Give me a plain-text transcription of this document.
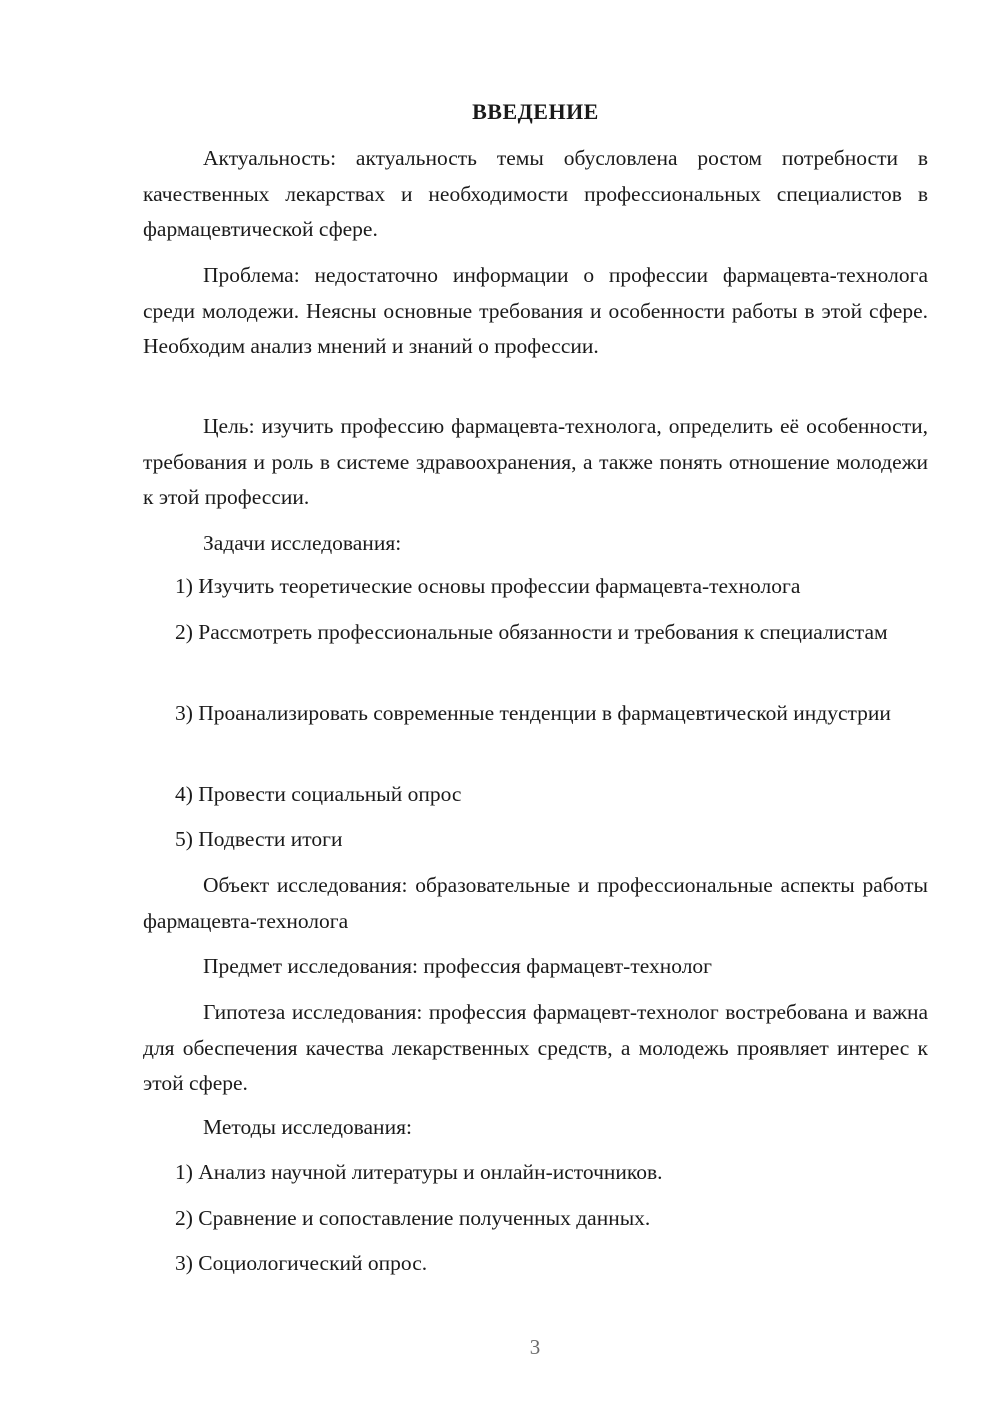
ВВЕДЕНИЕ

Актуальность: актуальность темы обусловлена ростом потребности в качественных лекарствах и необходимости профессиональных специалистов в фармацевтической сфере.

Проблема: недостаточно информации о профессии фармацевта-технолога среди молодежи. Неясны основные требования и особенности работы в этой сфере. Необходим анализ мнений и знаний о профессии.

Цель: изучить профессию фармацевта-технолога, определить её особенности, требования и роль в системе здравоохранения, а также понять отношение молодежи к этой профессии.

Задачи исследования:

1) Изучить теоретические основы профессии фармацевта-технолога

2) Рассмотреть профессиональные обязанности и требования к специалистам

3) Проанализировать современные тенденции в фармацевтической индустрии

4) Провести социальный опрос

5) Подвести итоги

Объект исследования: образовательные и профессиональные аспекты работы фармацевта-технолога

Предмет исследования: профессия фармацевт-технолог

Гипотеза исследования: профессия фармацевт-технолог востребована и важна для обеспечения качества лекарственных средств, а молодежь проявляет интерес к этой сфере.

Методы исследования:

1) Анализ научной литературы и онлайн-источников.

2) Сравнение и сопоставление полученных данных.

3) Социологический опрос.

3
